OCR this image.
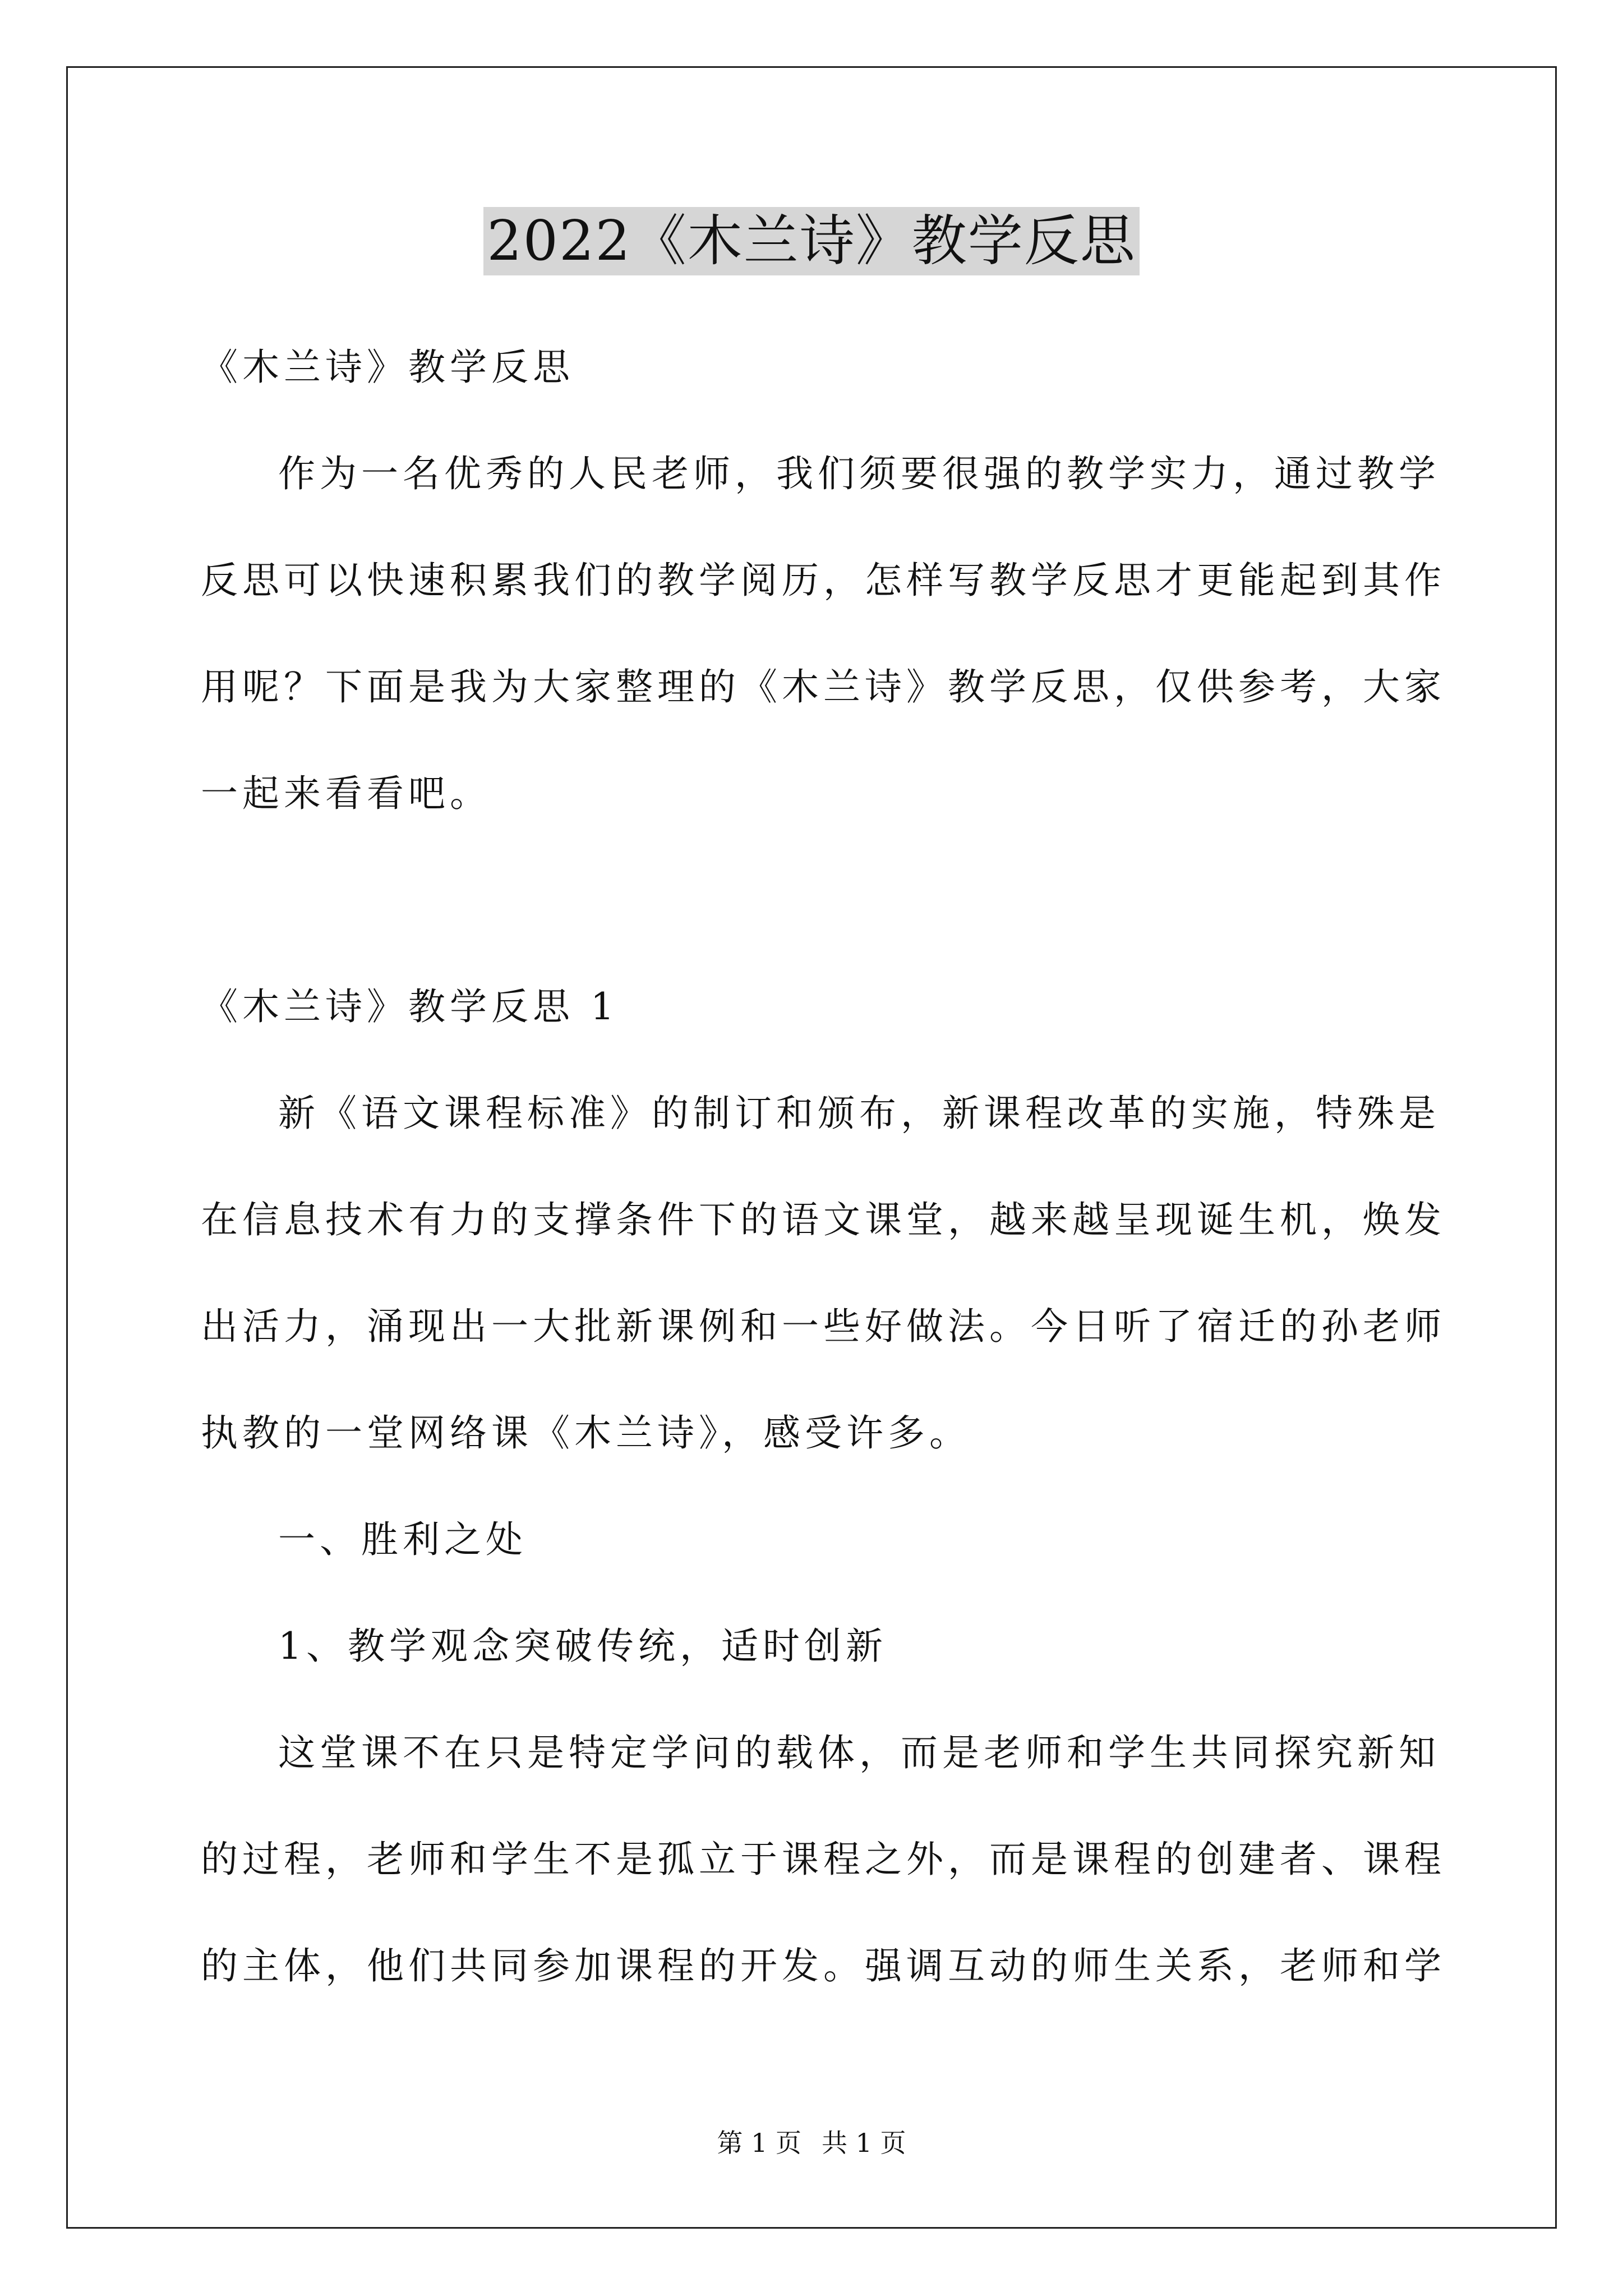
2022《木兰诗》教学反思
《木兰诗》教学反思
作为一名优秀的人民老师，我们须要很强的教学实力，通过教学
反思可以快速积累我们的教学阅历，怎样写教学反思才更能起到其作
用呢？下面是我为大家整理的《木兰诗》教学反思，仅供参考，大家
一起来看看吧。
《木兰诗》教学反思 1
新《语文课程标准》的制订和颁布，新课程改革的实施，特殊是
在信息技术有力的支撑条件下的语文课堂，越来越呈现诞生机，焕发
出活力，涌现出一大批新课例和一些好做法。今日听了宿迁的孙老师
执教的一堂网络课《木兰诗》，感受许多。
一、胜利之处
1、教学观念突破传统，适时创新
这堂课不在只是特定学问的载体，而是老师和学生共同探究新知
的过程，老师和学生不是孤立于课程之外，而是课程的创建者、课程
的主体，他们共同参加课程的开发。强调互动的师生关系，老师和学
第 1 页 共 1 页
